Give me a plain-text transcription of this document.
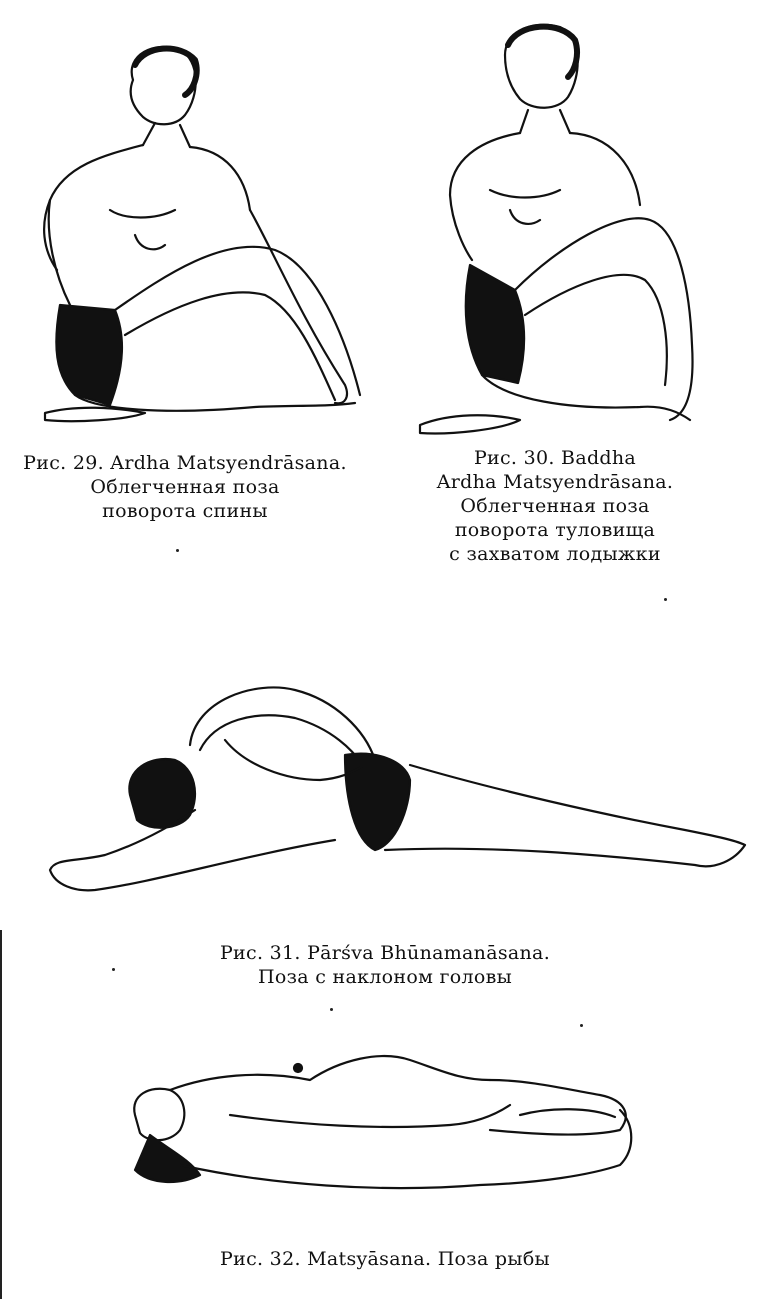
Рис. 29. Ardha Matsyendrāsana.
Облегченная поза
поворота спины
Рис. 30. Baddha
Ardha Matsyendrāsana.
Облегченная поза
поворота туловища
с захватом лодыжки
Рис. 31. Pārśva Bhūnamanāsana.
Поза с наклоном головы
Рис. 32. Matsyāsana. Поза рыбы
